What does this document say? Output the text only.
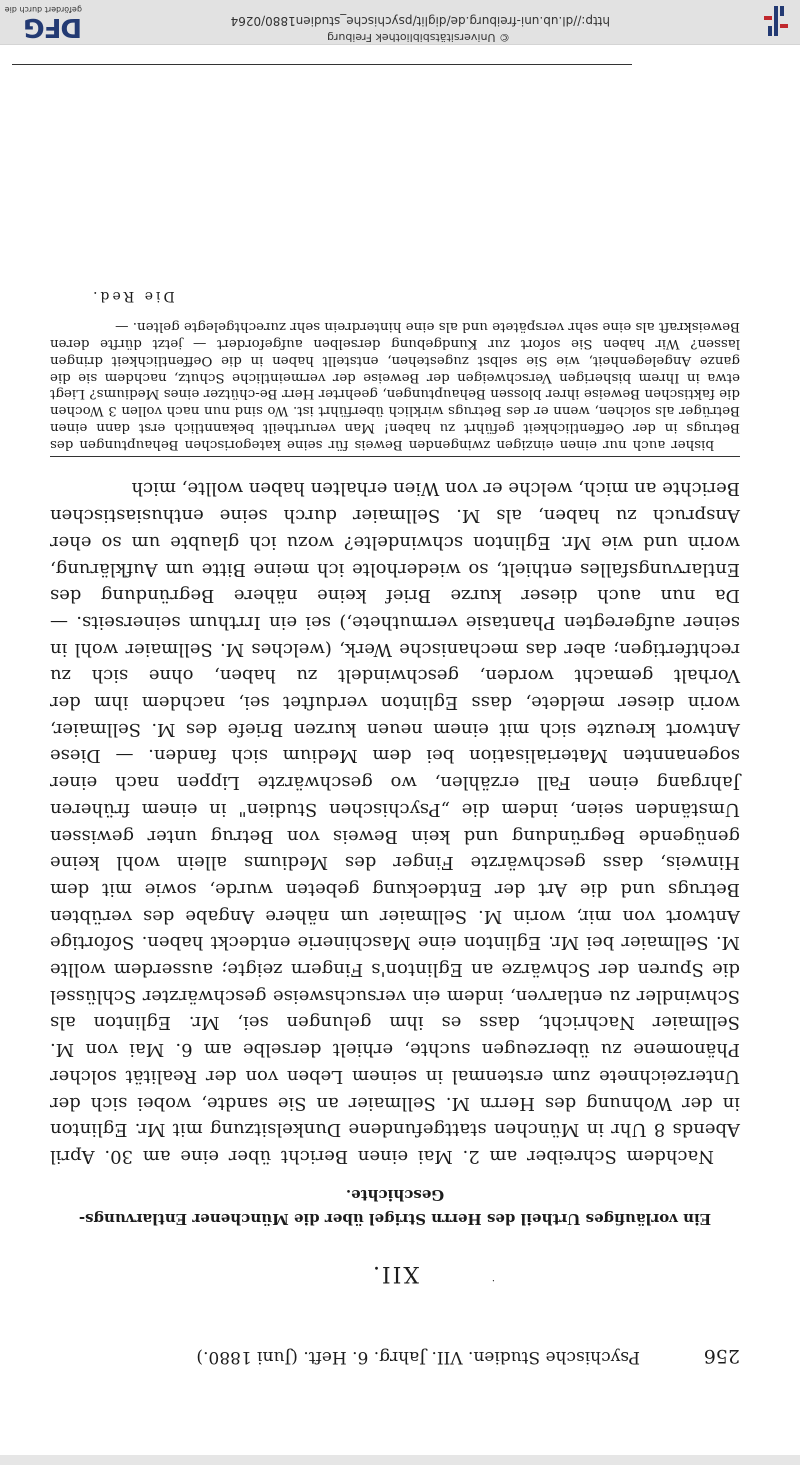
256
Psychische Studien. VII. Jahrg. 6. Heft. (Juni 1880.)
·
XII.
Ein vorläufiges Urtheil des Herrn Strigel über die Münchener Entlarvungs-Geschichte.

Nachdem Schreiber am 2. Mai einen Bericht über eine am 30. April Abends 8 Uhr in München stattgefundene Dunkelsitzung mit Mr. Eglinton in der Wohnung des Herrn M. Sellmaier an Sie sandte, wobei sich der Unterzeichnete zum erstenmal in seinem Leben von der Realität solcher Phänomene zu überzeugen suchte, erhielt derselbe am 6. Mai von M. Sellmaier Nachricht, dass es ihm gelungen sei, Mr. Eglinton als Schwindler zu entlarven, indem ein versuchsweise geschwärzter Schlüssel die Spuren der Schwärze an Eglinton's Fingern zeigte; ausserdem wollte M. Sellmaier bei Mr. Eglinton eine Maschinerie entdeckt haben. Sofortige Antwort von mir, worin M. Sellmaier um nähere Angabe des verübten Betrugs und die Art der Entdeckung gebeten wurde, sowie mit dem Hinweis, dass geschwärzte Finger des Mediums allein wohl keine genügende Begründung und kein Beweis von Betrug unter gewissen Umständen seien, indem die „Psychischen Studien" in einem früheren Jahrgang einen Fall erzählen, wo geschwärzte Lippen nach einer sogenannten Materialisation bei dem Medium sich fanden. — Diese Antwort kreuzte sich mit einem neuen kurzen Briefe des M. Sellmaier, worin dieser meldete, dass Eglinton verduftet sei, nachdem ihm der Vorhalt gemacht worden, geschwindelt zu haben, ohne sich zu rechtfertigen; aber das mechanische Werk, (welches M. Sellmaier wohl in seiner aufgeregten Phantasie vermuthete,) sei ein Irrthum seinerseits. — Da nun auch dieser kurze Brief keine nähere Begründung des Entlarvungsfalles enthielt, so wiederholte ich meine Bitte um Aufklärung, worin und wie Mr. Eglinton schwindelte? wozu ich glaubte um so eher Anspruch zu haben, als M. Sellmaier durch seine enthusiastischen Berichte an mich, welche er von Wien erhalten haben wollte, mich

bisher auch nur einen einzigen zwingenden Beweis für seine kategorischen Behauptungen des Betrugs in der Oeffentlichkeit geführt zu haben! Man verurtheilt bekanntlich erst dann einen Betrüger als solchen, wenn er des Betrugs wirklich überführt ist. Wo sind nun nach vollen 3 Wochen die faktischen Beweise ihrer blossen Behauptungen, geehrter Herr Be-chützer eines Mediums? Liegt etwa in Ihrem bisherigen Verschweigen der Beweise der vermeintliche Schutz, nachdem sie die ganze Angelegenheit, wie Sie selbst zugestehen, entstellt haben in die Oeffentlichkeit dringen lassen? Wir haben Sie sofort zur Kundgebung derselben aufgefordert — jetzt dürfte deren Beweiskraft als eine sehr verspätete und als eine hinterdrein sehr zurechtgelegte gelten. —

Die Red.
© Universitätsbibliothek Freiburg
http://dl.ub.uni-freiburg.de/diglit/psychische_studien1880/0264
DFG
gefördert durch die
